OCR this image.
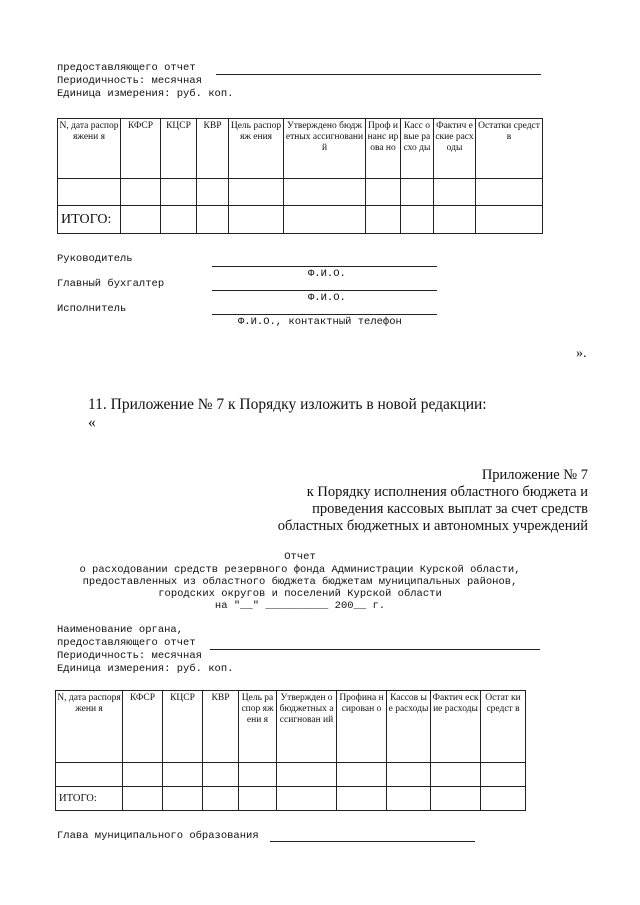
предоставляющего отчет
Периодичность: месячная
Единица измерения: руб. коп.
N, дата распоряжени я	КФСР	КЦСР	КВР	Цель распоряж ения	Утверждено бюджетных ассигнований	Проф инанс ирова но	Касс овые расхо ды	Фактич еские расходы	Остатки средств

ИТОГО:									
Руководитель
Ф.И.О.
Главный бухгалтер
Ф.И.О.
Исполнитель
Ф.И.О., контактный телефон
».
11. Приложение № 7 к Порядку изложить в новой редакции:
«
Приложение № 7
к Порядку исполнения областного бюджета и
проведения кассовых выплат за счет средств
областных бюджетных и автономных учреждений
Отчет
о расходовании средств резервного фонда Администрации Курской области,
предоставленных из областного бюджета бюджетам муниципальных районов,
городских округов и поселений Курской области
на "__" __________ 200__ г.
Наименование органа,
предоставляющего отчет
Периодичность: месячная
Единица измерения: руб. коп.
N, дата распоряжени я	КФСР	КЦСР	КВР	Цель распор яжени я	Утвержден о бюджетных ассигнован ий	Профина нсирован о	Кассов ые расходы	Фактич еские расходы	Остат ки средст в

ИТОГО:									
Глава муниципального образования
